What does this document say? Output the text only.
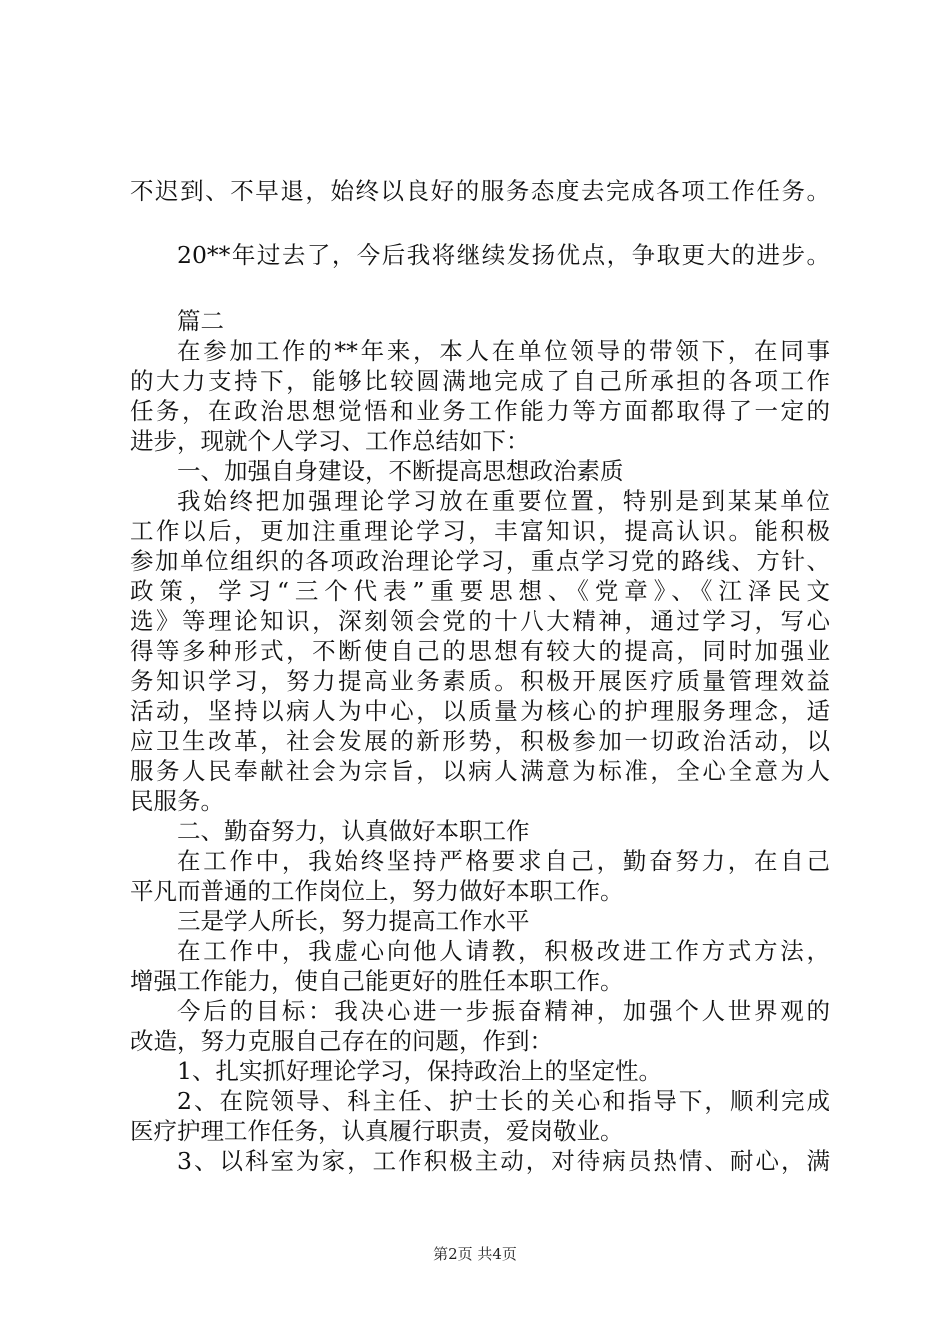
不迟到、不早退，始终以良好的服务态度去完成各项工作任务。
20**年过去了，今后我将继续发扬优点，争取更大的进步。
篇二
在参加工作的**年来，本人在单位领导的带领下，在同事
的大力支持下，能够比较圆满地完成了自己所承担的各项工作
任务，在政治思想觉悟和业务工作能力等方面都取得了一定的
进步，现就个人学习、工作总结如下：
一、加强自身建设，不断提高思想政治素质
我始终把加强理论学习放在重要位置，特别是到某某单位
工作以后，更加注重理论学习，丰富知识，提高认识。能积极
参加单位组织的各项政治理论学习，重点学习党的路线、方针、
政策，学习“三个代表”重要思想、《党章》、《江泽民文
选》等理论知识，深刻领会党的十八大精神，通过学习，写心
得等多种形式，不断使自己的思想有较大的提高，同时加强业
务知识学习，努力提高业务素质。积极开展医疗质量管理效益
活动，坚持以病人为中心，以质量为核心的护理服务理念，适
应卫生改革，社会发展的新形势，积极参加一切政治活动，以
服务人民奉献社会为宗旨，以病人满意为标准，全心全意为人
民服务。
二、勤奋努力，认真做好本职工作
在工作中，我始终坚持严格要求自己，勤奋努力，在自己
平凡而普通的工作岗位上，努力做好本职工作。
三是学人所长，努力提高工作水平
在工作中，我虚心向他人请教，积极改进工作方式方法，
增强工作能力，使自己能更好的胜任本职工作。
今后的目标：我决心进一步振奋精神，加强个人世界观的
改造，努力克服自己存在的问题，作到：
1、扎实抓好理论学习，保持政治上的坚定性。
2、在院领导、科主任、护士长的关心和指导下，顺利完成
医疗护理工作任务，认真履行职责，爱岗敬业。
3、以科室为家，工作积极主动，对待病员热情、耐心，满
第2页 共4页
